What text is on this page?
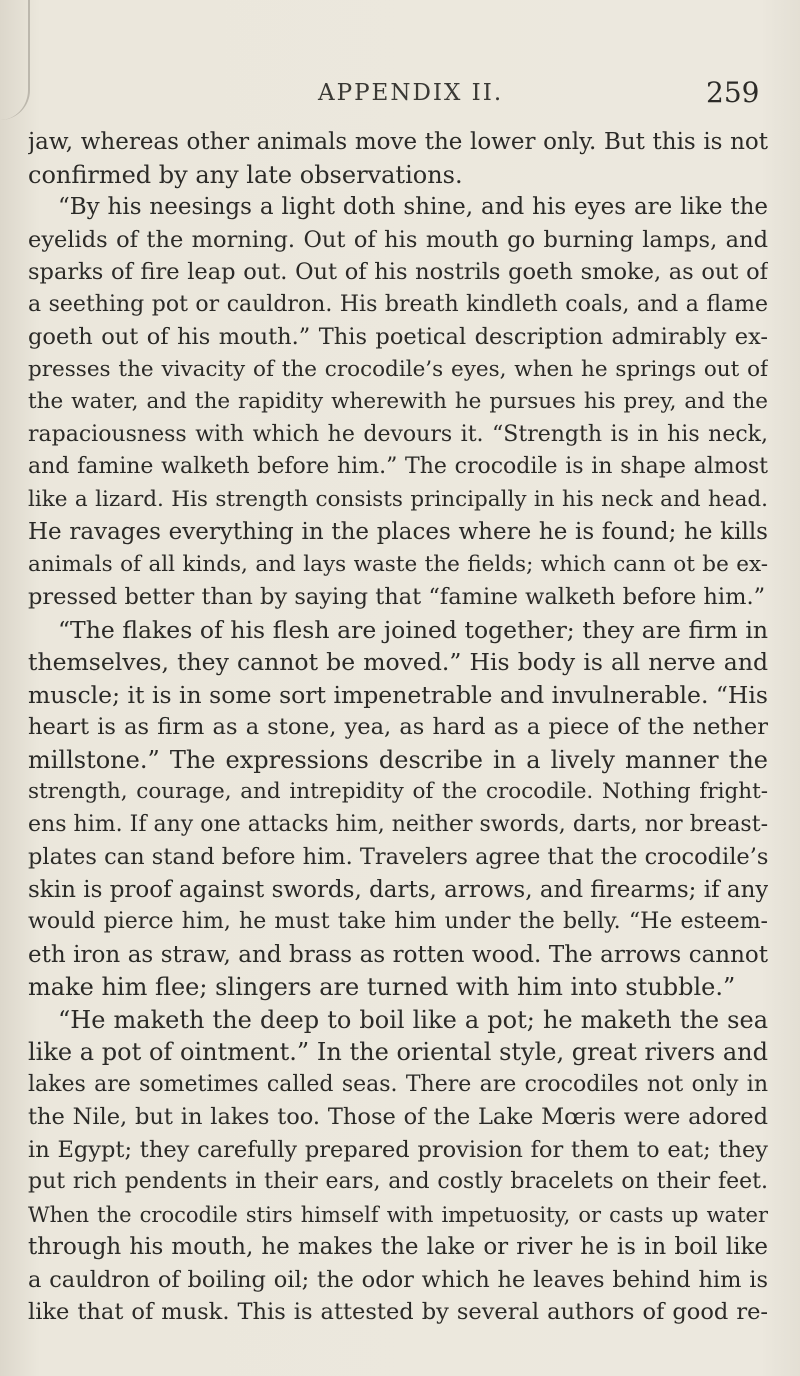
APPENDIX II.	259
jaw, whereas other animals move the lower only. But this is not
confirmed by any late observations.
“By his neesings a light doth shine, and his eyes are like the
eyelids of the morning. Out of his mouth go burning lamps, and
sparks of fire leap out. Out of his nostrils goeth smoke, as out of
a seething pot or cauldron. His breath kindleth coals, and a flame
goeth out of his mouth.” This poetical description admirably ex-
presses the vivacity of the crocodile’s eyes, when he springs out of
the water, and the rapidity wherewith he pursues his prey, and the
rapaciousness with which he devours it. “Strength is in his neck,
and famine walketh before him.” The crocodile is in shape almost
like a lizard. His strength consists principally in his neck and head.
He ravages everything in the places where he is found; he kills
animals of all kinds, and lays waste the fields; which cann ot be ex-
pressed better than by saying that “famine walketh before him.”
“The flakes of his flesh are joined together; they are firm in
themselves, they cannot be moved.” His body is all nerve and
muscle; it is in some sort impenetrable and invulnerable. “His
heart is as firm as a stone, yea, as hard as a piece of the nether
millstone.” The expressions describe in a lively manner the
strength, courage, and intrepidity of the crocodile. Nothing fright-
ens him. If any one attacks him, neither swords, darts, nor breast-
plates can stand before him. Travelers agree that the crocodile’s
skin is proof against swords, darts, arrows, and firearms; if any
would pierce him, he must take him under the belly. “He esteem-
eth iron as straw, and brass as rotten wood. The arrows cannot
make him flee; slingers are turned with him into stubble.”
“He maketh the deep to boil like a pot; he maketh the sea
like a pot of ointment.” In the oriental style, great rivers and
lakes are sometimes called seas. There are crocodiles not only in
the Nile, but in lakes too. Those of the Lake Mœris were adored
in Egypt; they carefully prepared provision for them to eat; they
put rich pendents in their ears, and costly bracelets on their feet.
When the crocodile stirs himself with impetuosity, or casts up water
through his mouth, he makes the lake or river he is in boil like
a cauldron of boiling oil; the odor which he leaves behind him is
like that of musk. This is attested by several authors of good re-
